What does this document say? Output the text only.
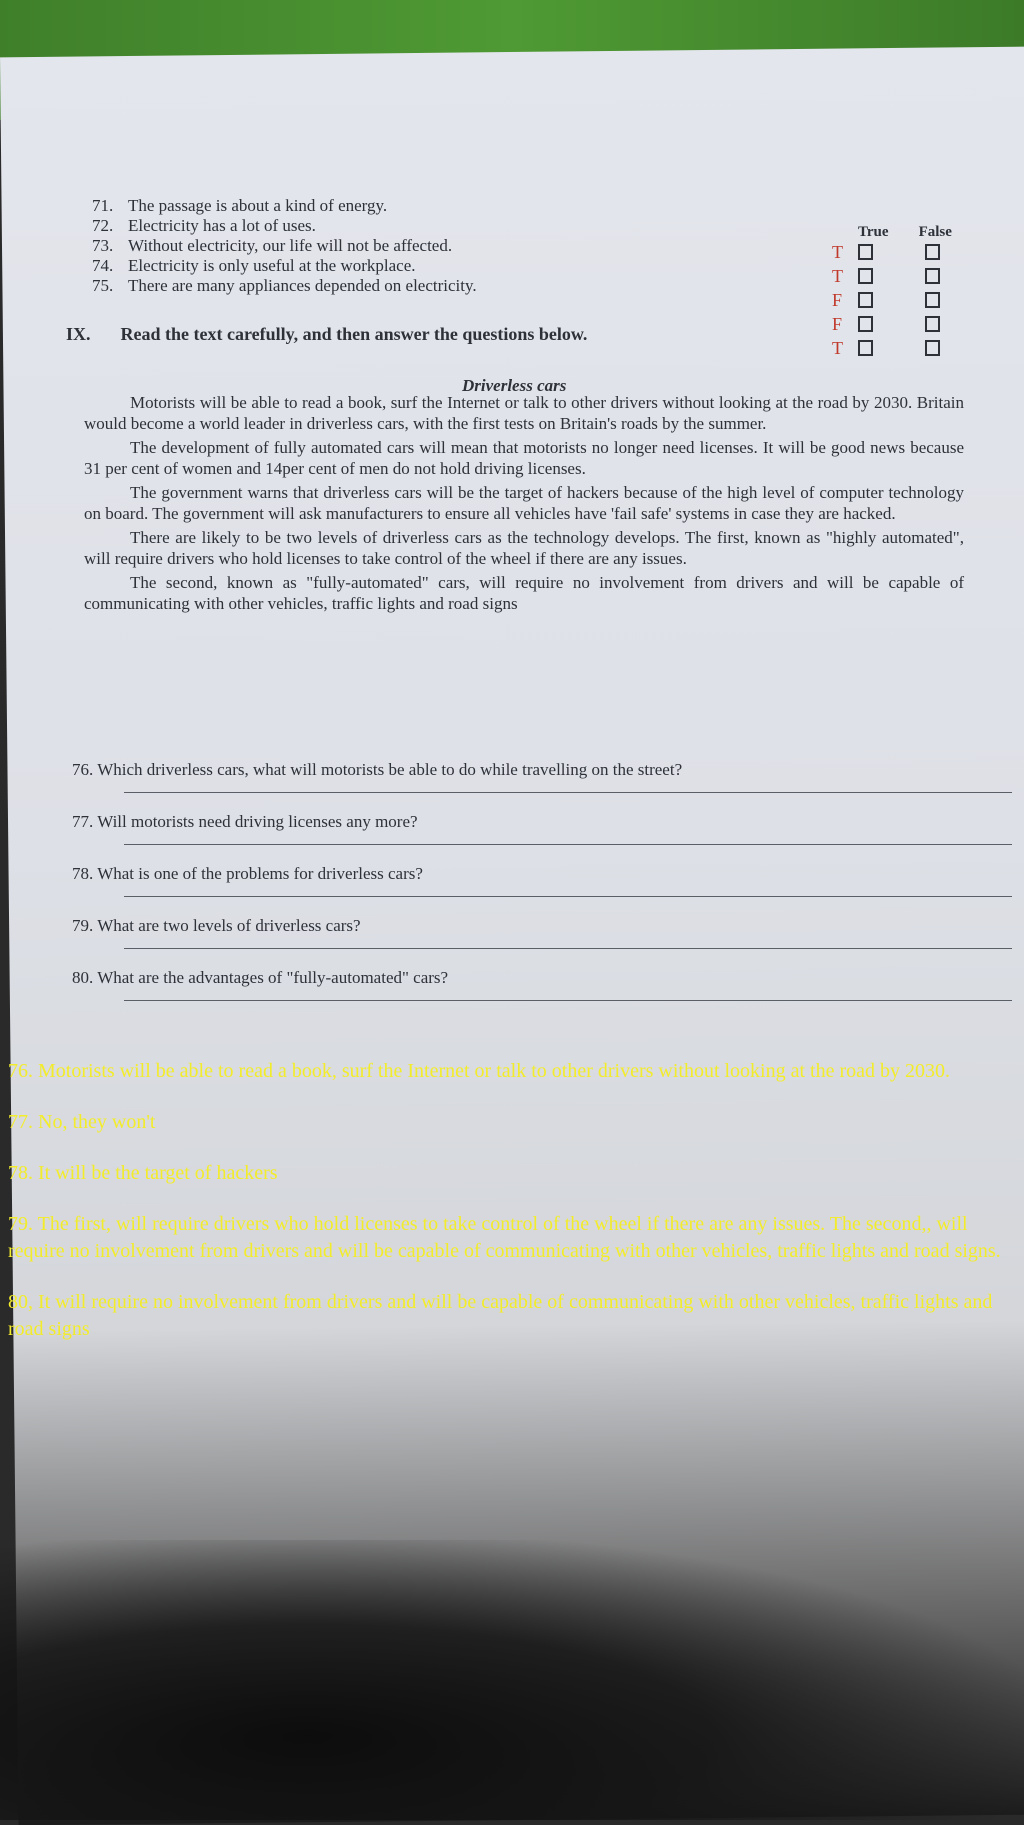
71. The passage is about a kind of energy.
72. Electricity has a lot of uses.
73. Without electricity, our life will not be affected.
74. Electricity is only useful at the workplace.
75. There are many appliances depended on electricity.
True False
T
T
F
F
T
IX. Read the text carefully, and then answer the questions below.
Driverless cars

Motorists will be able to read a book, surf the Internet or talk to other drivers without looking at the road by 2030. Britain would become a world leader in driverless cars, with the first tests on Britain's roads by the summer.

The development of fully automated cars will mean that motorists no longer need licenses. It will be good news because 31 per cent of women and 14per cent of men do not hold driving licenses.

The government warns that driverless cars will be the target of hackers because of the high level of computer technology on board. The government will ask manufacturers to ensure all vehicles have 'fail safe' systems in case they are hacked.

There are likely to be two levels of driverless cars as the technology develops. The first, known as "highly automated", will require drivers who hold licenses to take control of the wheel if there are any issues.

The second, known as "fully-automated" cars, will require no involvement from drivers and will be capable of communicating with other vehicles, traffic lights and road signs

76. Which driverless cars, what will motorists be able to do while travelling on the street?
77. Will motorists need driving licenses any more?
78. What is one of the problems for driverless cars?
79. What are two levels of driverless cars?
80. What are the advantages of "fully-automated" cars?

76. Motorists will be able to read a book, surf the Internet or talk to other drivers without looking at the road by 2030.

77. No, they won't

78. It will be the target of hackers

79. The first, will require drivers who hold licenses to take control of the wheel if there are any issues. The second,, will require no involvement from drivers and will be capable of communicating with other vehicles, traffic lights and road signs.

80, It will require no involvement from drivers and will be capable of communicating with other vehicles, traffic lights and road signs
